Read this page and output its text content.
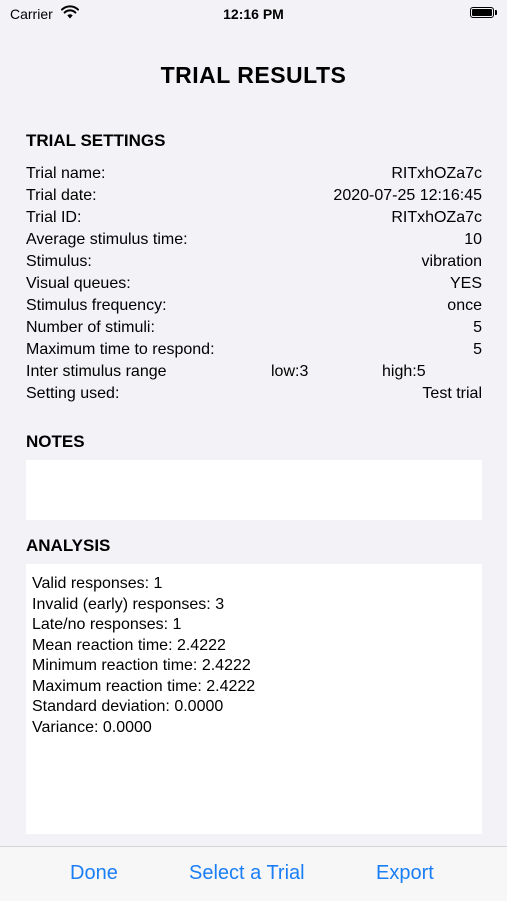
Carrier	12:16 PM
TRIAL RESULTS
TRIAL SETTINGS
Trial name:	RITxhOZa7c
Trial date:	2020-07-25 12:16:45
Trial ID:	RITxhOZa7c
Average stimulus time:	10
Stimulus:	vibration
Visual queues:	YES
Stimulus frequency:	once
Number of stimuli:	5
Maximum time to respond:	5
Inter stimulus range	low:3	high:5
Setting used:	Test trial
NOTES
ANALYSIS
Valid responses: 1
Invalid (early) responses: 3
Late/no responses: 1
Mean reaction time: 2.4222
Minimum reaction time: 2.4222
Maximum reaction time: 2.4222
Standard deviation: 0.0000
Variance: 0.0000
Done	Select a Trial	Export
